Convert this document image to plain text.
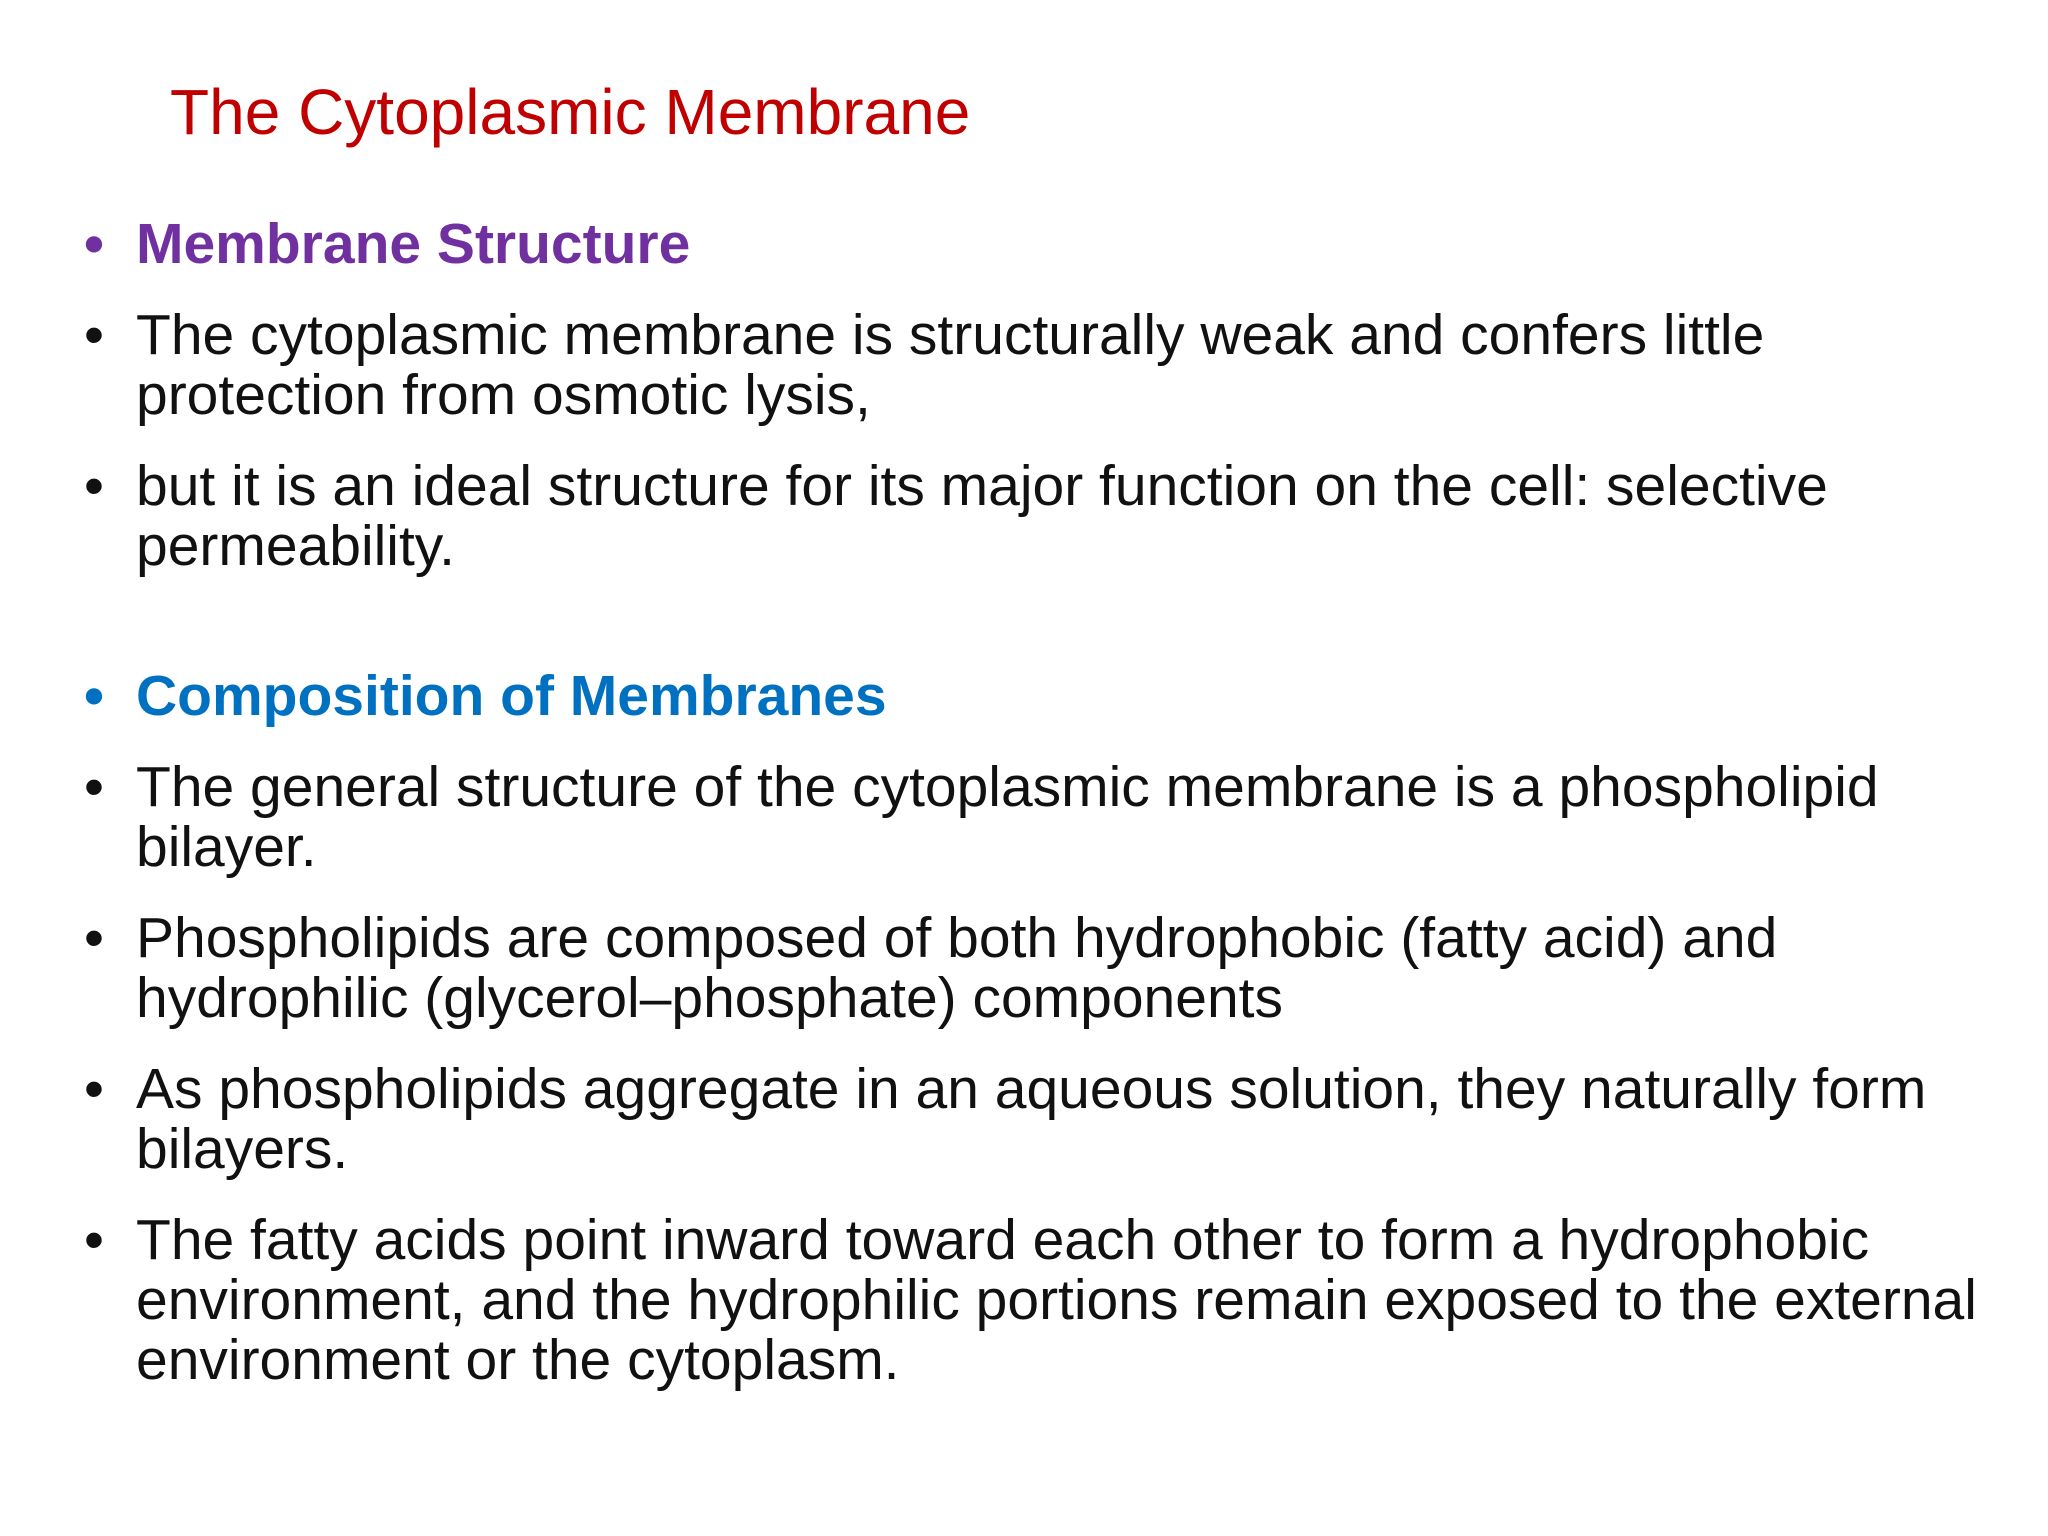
The Cytoplasmic Membrane
• Membrane Structure
• The cytoplasmic membrane is structurally weak and confers little protection from osmotic lysis,
• but it is an ideal structure for its major function on the cell: selective permeability.
• Composition of Membranes
• The general structure of the cytoplasmic membrane is a phospholipid bilayer.
• Phospholipids are composed of both hydrophobic (fatty acid) and hydrophilic (glycerol–phosphate) components
• As phospholipids aggregate in an aqueous solution, they naturally form bilayers.
• The fatty acids point inward toward each other to form a hydrophobic environment, and the hydrophilic portions remain exposed to the external environment or the cytoplasm.
